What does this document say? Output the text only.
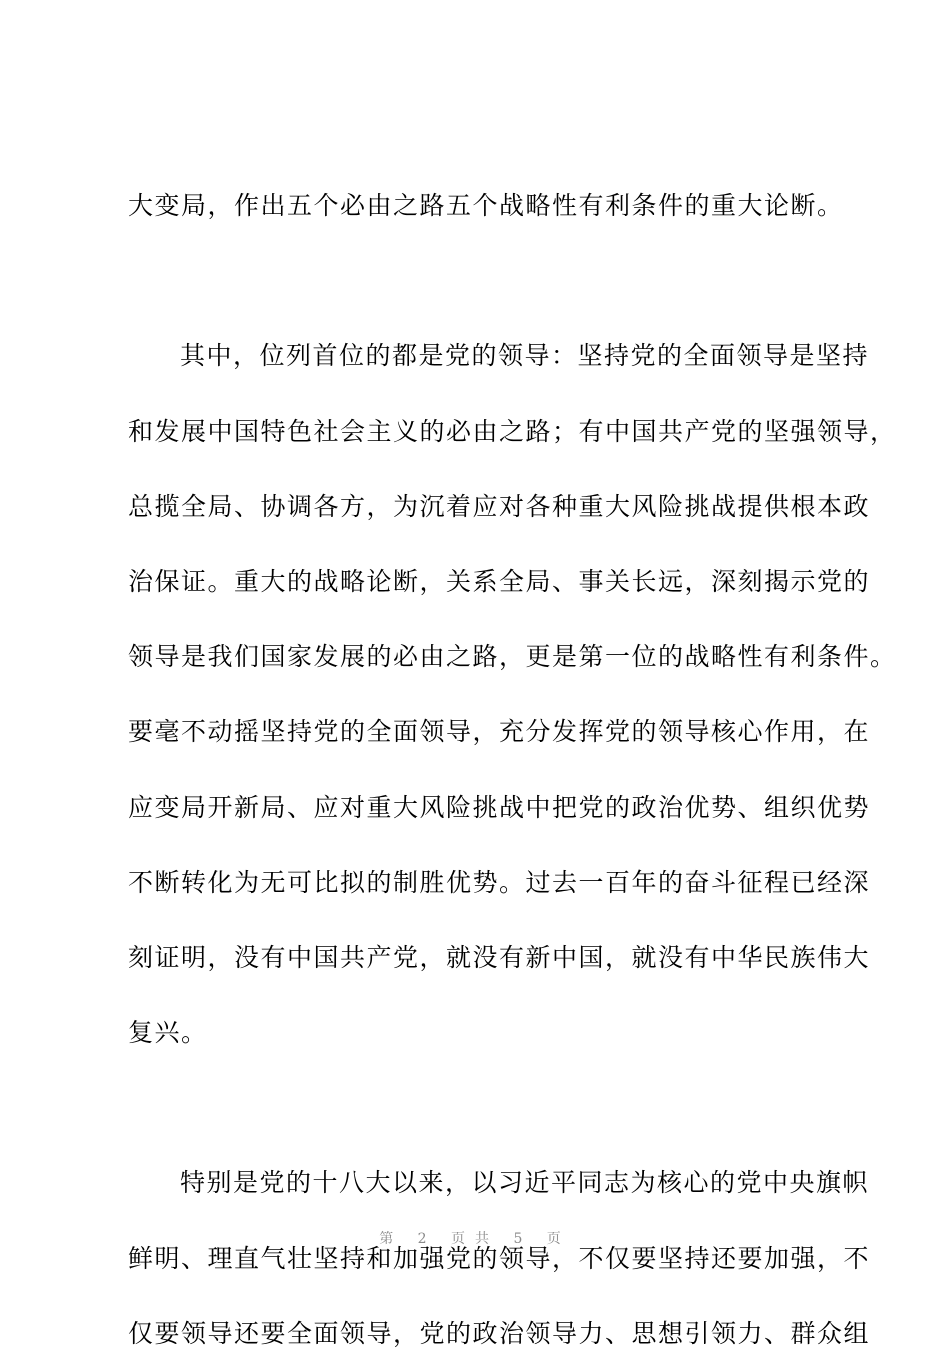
大变局，作出五个必由之路五个战略性有利条件的重大论断。
其中，位列首位的都是党的领导：坚持党的全面领导是坚持
和发展中国特色社会主义的必由之路；有中国共产党的坚强领导，
总揽全局、协调各方，为沉着应对各种重大风险挑战提供根本政
治保证。重大的战略论断，关系全局、事关长远，深刻揭示党的
领导是我们国家发展的必由之路，更是第一位的战略性有利条件。
要毫不动摇坚持党的全面领导，充分发挥党的领导核心作用，在
应变局开新局、应对重大风险挑战中把党的政治优势、组织优势
不断转化为无可比拟的制胜优势。过去一百年的奋斗征程已经深
刻证明，没有中国共产党，就没有新中国，就没有中华民族伟大
复兴。
特别是党的十八大以来，以习近平同志为核心的党中央旗帜
鲜明、理直气壮坚持和加强党的领导，不仅要坚持还要加强，不
仅要领导还要全面领导，党的政治领导力、思想引领力、群众组
第 2 页共 5 页
